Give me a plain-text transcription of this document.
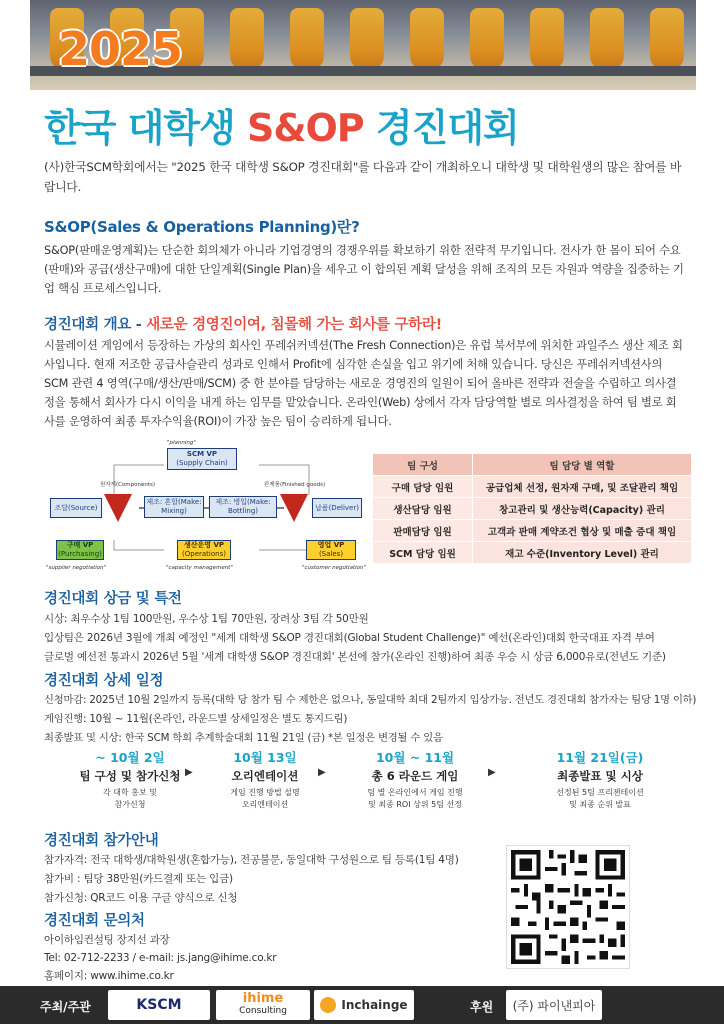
2025
한국 대학생 S&OP 경진대회
(사)한국SCM학회에서는 "2025 한국 대학생 S&OP 경진대회"를 다음과 같이 개최하오니 대학생 및 대학원생의 많은 참여를 바랍니다.
S&OP(Sales & Operations Planning)란?
S&OP(판매운영계획)는 단순한 회의체가 아니라 기업경영의 경쟁우위를 확보하기 위한 전략적 무기입니다. 전사가 한 몸이 되어 수요(판매)와 공급(생산구매)에 대한 단일계획(Single Plan)을 세우고 이 합의된 계획 달성을 위해 조직의 모든 자원과 역량을 집중하는 기업 핵심 프로세스입니다.
경진대회 개요 - 새로운 경영진이여, 침몰해 가는 회사를 구하라!
시뮬레이션 게임에서 등장하는 가상의 회사인 푸레쉬커넥션(The Fresh Connection)은 유럽 북서부에 위치한 과일주스 생산 제조 회사입니다. 현재 저조한 공급사슬관리 성과로 인해서 Profit에 심각한 손실을 입고 위기에 처해 있습니다. 당신은 푸레쉬커넥션사의 SCM 관련 4 영역(구매/생산/판매/SCM) 중 한 분야를 담당하는 새로운 경영진의 일원이 되어 올바른 전략과 전술을 수립하고 의사결정을 통해서 회사가 다시 이익을 내게 하는 임무를 맡았습니다. 온라인(Web) 상에서 각자 담당역할 별로 의사결정을 하여 팀 별로 회사를 운영하여 최종 투자수익율(ROI)이 가장 높은 팀이 승리하게 됩니다.
"planning"
SCM VP
(Supply Chain)
원자재(Components)	완제품(Finished goods)
조달(Source)
제조: 혼합(Make:
Mixing)
제조: 병입(Make:
Bottling)	납품(Deliver)
구매 VP
(Purchasing)
생산운영 VP
(Operations)
영업 VP
(Sales)
"supplier negotiation"	"capacity management"	"customer negotiation"
팀 구성	팀 담당 별 역할
구매 담당 임원	공급업체 선정, 원자재 구매, 및 조달관리 책임
생산담당 임원	창고관리 및 생산능력(Capacity) 관리
판매담당 임원	고객과 판매 계약조건 협상 및 매출 증대 책임
SCM 담당 임원	재고 수준(Inventory Level) 관리
경진대회 상금 및 특전
시상: 최우수상 1팀 100만원, 우수상 1팀 70만원, 장려상 3팀 각 50만원
입상팀은 2026년 3월에 개최 예정인 "세계 대학생 S&OP 경진대회(Global Student Challenge)" 예선(온라인)대회 한국대표 자격 부여
글로벌 예선전 통과시 2026년 5월 '세계 대학생 S&OP 경진대회' 본선에 참가(온라인 진행)하여 최종 우승 시 상금 6,000유로(전년도 기준)
경진대회 상세 일정
신청마감: 2025년 10월 2일까지 등록(대학 당 참가 팀 수 제한은 없으나, 동일대학 최대 2팀까지 입상가능. 전년도 경진대회 참가자는 팀당 1명 이하)
게임진행: 10월 ~ 11월(온라인, 라운드별 상세일정은 별도 통지드림)
최종발표 및 시상: 한국 SCM 학회 추계학술대회 11월 21일 (금) *본 일정은 변경될 수 있음
~ 10월 2일
팀 구성 및 참가신청
각 대학 홍보 및
참가신청
▶
10월 13일
오리엔테이션
게임 진행 방법 설명
오리엔테이션
▶
10월 ~ 11월
총 6 라운드 게임
팀 별 온라인에서 게임 진행
및 최종 ROI 상위 5팀 선정
▶
11월 21일(금)
최종발표 및 시상
선정된 5팀 프리젠테이션
및 최종 순위 발표
경진대회 참가안내
참가자격: 전국 대학생/대학원생(혼합가능), 전공불문, 동일대학 구성원으로 팀 등록(1팀 4명)
참가비 : 팀당 38만원(카드결제 또는 입금)
참가신청: QR코드 이용 구글 양식으로 신청
경진대회 문의처
아이하임컨설팅 장지선 과장
Tel: 02-712-2233 / e-mail: js.jang@ihime.co.kr
홈페이지: www.ihime.co.kr
주최/주관	KSCM	ihime
Consulting	Inchainge	후원	(주) 파이낸피아
